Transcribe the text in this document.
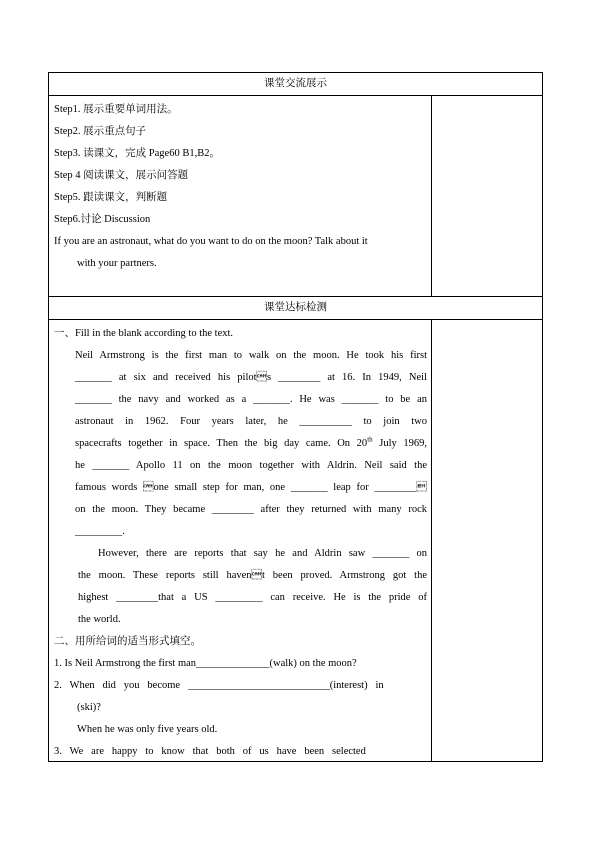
课堂交流展示
Step1. 展示重要单词用法。
Step2. 展示重点句子
Step3. 读课文，完成 Page60 B1,B2。
Step 4 阅读课文，展示问答题
Step5. 跟读课文，判断题
Step6.讨论 Discussion
If you are an astronaut, what do you want to do on the moon? Talk about it
with your partners.
课堂达标检测
一、Fill in the blank according to the text.
Neil Armstrong is the first man to walk on the moon. He took his first
_______ at six and received his pilots ________ at 16. In 1949, Neil
_______ the navy and worked as a _______. He was _______ to be an
astronaut in 1962. Four years later, he __________ to join two
spacecrafts together in space. Then the big day came. On 20th July 1969,
he _______ Apollo 11 on the moon together with Aldrin. Neil said the
famous words one small step for man, one _______ leap for ________
on the moon. They became ________ after they returned with many rock
_________.
However, there are reports that say he and Aldrin saw _______ on
the moon. These reports still havent been proved. Armstrong got the
highest ________that a US _________ can receive. He is the pride of
the world.
二、用所给词的适当形式填空。
1. Is Neil Armstrong the first man______________(walk) on the moon?
2.   When   did   you   become   ___________________________(interest)   in
(ski)?
When he was only five years old.
3.   We   are   happy   to   know   that   both   of   us   have   been   selected
